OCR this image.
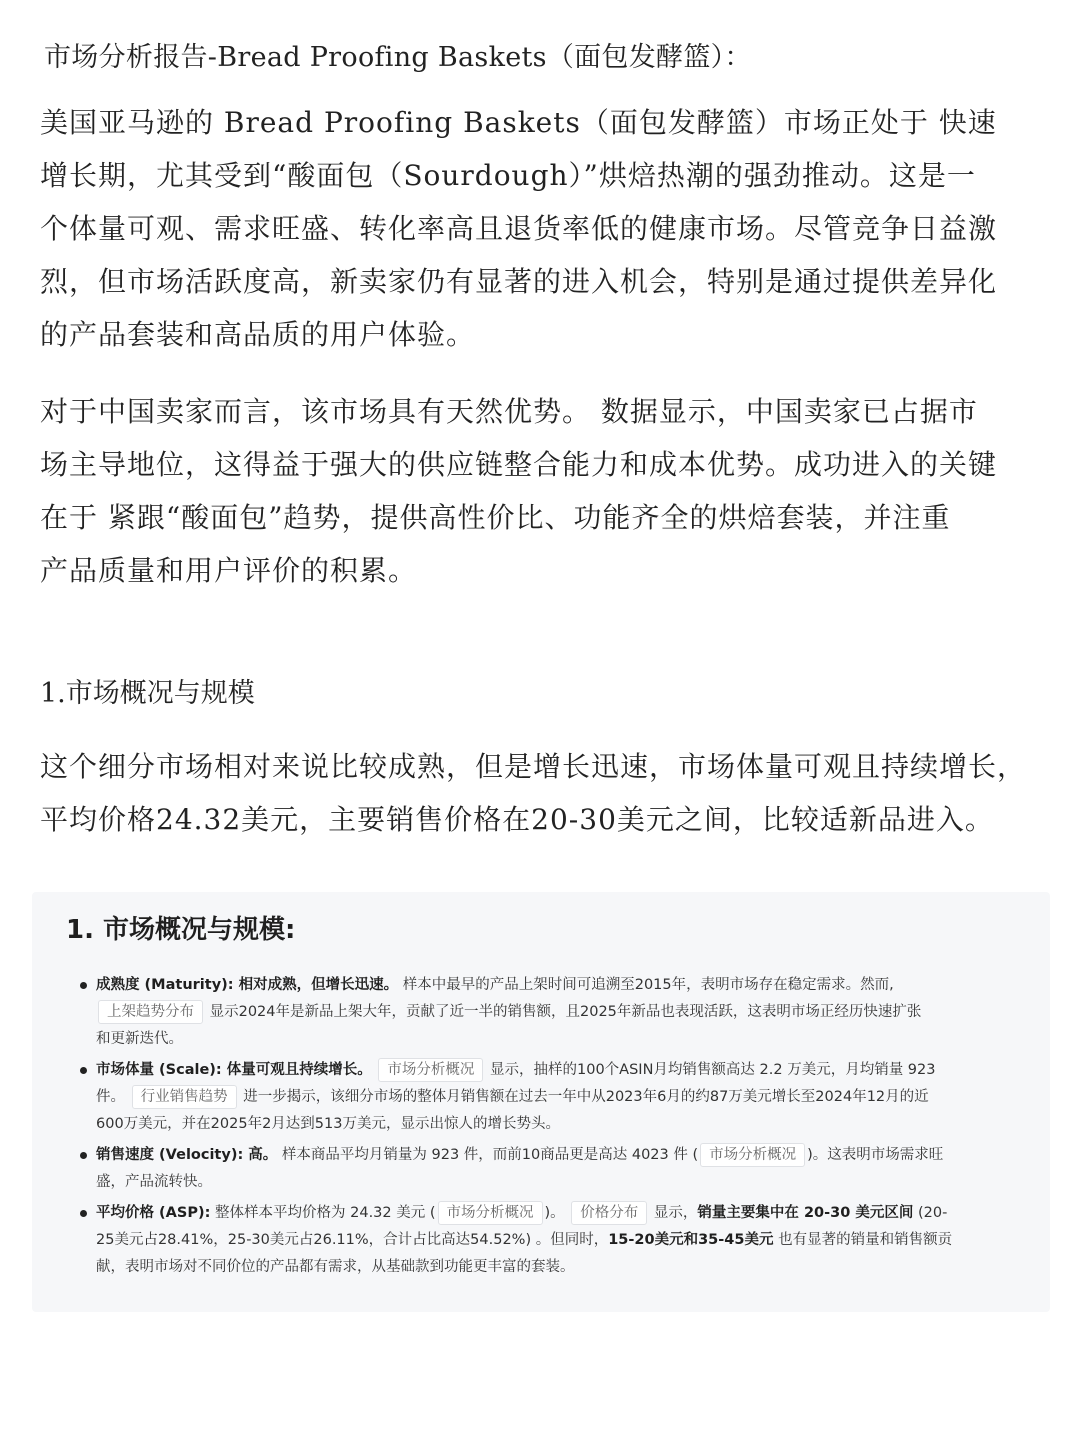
市场分析报告-Bread Proofing Baskets（面包发酵篮）：
美国亚马逊的 Bread Proofing Baskets（面包发酵篮）市场正处于 快速
增长期，尤其受到“酸面包（Sourdough）”烘焙热潮的强劲推动。这是一
个体量可观、需求旺盛、转化率高且退货率低的健康市场。尽管竞争日益激
烈，但市场活跃度高，新卖家仍有显著的进入机会，特别是通过提供差异化
的产品套装和高品质的用户体验。
对于中国卖家而言，该市场具有天然优势。 数据显示，中国卖家已占据市
场主导地位，这得益于强大的供应链整合能力和成本优势。成功进入的关键
在于 紧跟“酸面包”趋势，提供高性价比、功能齐全的烘焙套装，并注重
产品质量和用户评价的积累。
1.市场概况与规模
这个细分市场相对来说比较成熟，但是增长迅速，市场体量可观且持续增长，
平均价格24.32美元，主要销售价格在20-30美元之间，比较适新品进入。
1. 市场概况与规模:
成熟度 (Maturity): 相对成熟，但增长迅速。 样本中最早的产品上架时间可追溯至2015年，表明市场存在稳定需求。然而,
上架趋势分布 显示2024年是新品上架大年，贡献了近一半的销售额，且2025年新品也表现活跃，这表明市场正经历快速扩张
和更新迭代。
市场体量 (Scale): 体量可观且持续增长。 市场分析概况 显示，抽样的100个ASIN月均销售额高达 2.2 万美元，月均销量 923
件。 行业销售趋势 进一步揭示，该细分市场的整体月销售额在过去一年中从2023年6月的约87万美元增长至2024年12月的近
600万美元，并在2025年2月达到513万美元，显示出惊人的增长势头。
销售速度 (Velocity): 高。 样本商品平均月销量为 923 件，而前10商品更是高达 4023 件 ( 市场分析概况 )。这表明市场需求旺
盛，产品流转快。
平均价格 (ASP): 整体样本平均价格为 24.32 美元 ( 市场分析概况 )。 价格分布 显示，销量主要集中在 20-30 美元区间 (20-
25美元占28.41%，25-30美元占26.11%，合计占比高达54.52%) 。但同时，15-20美元和35-45美元 也有显著的销量和销售额贡
献，表明市场对不同价位的产品都有需求，从基础款到功能更丰富的套装。
